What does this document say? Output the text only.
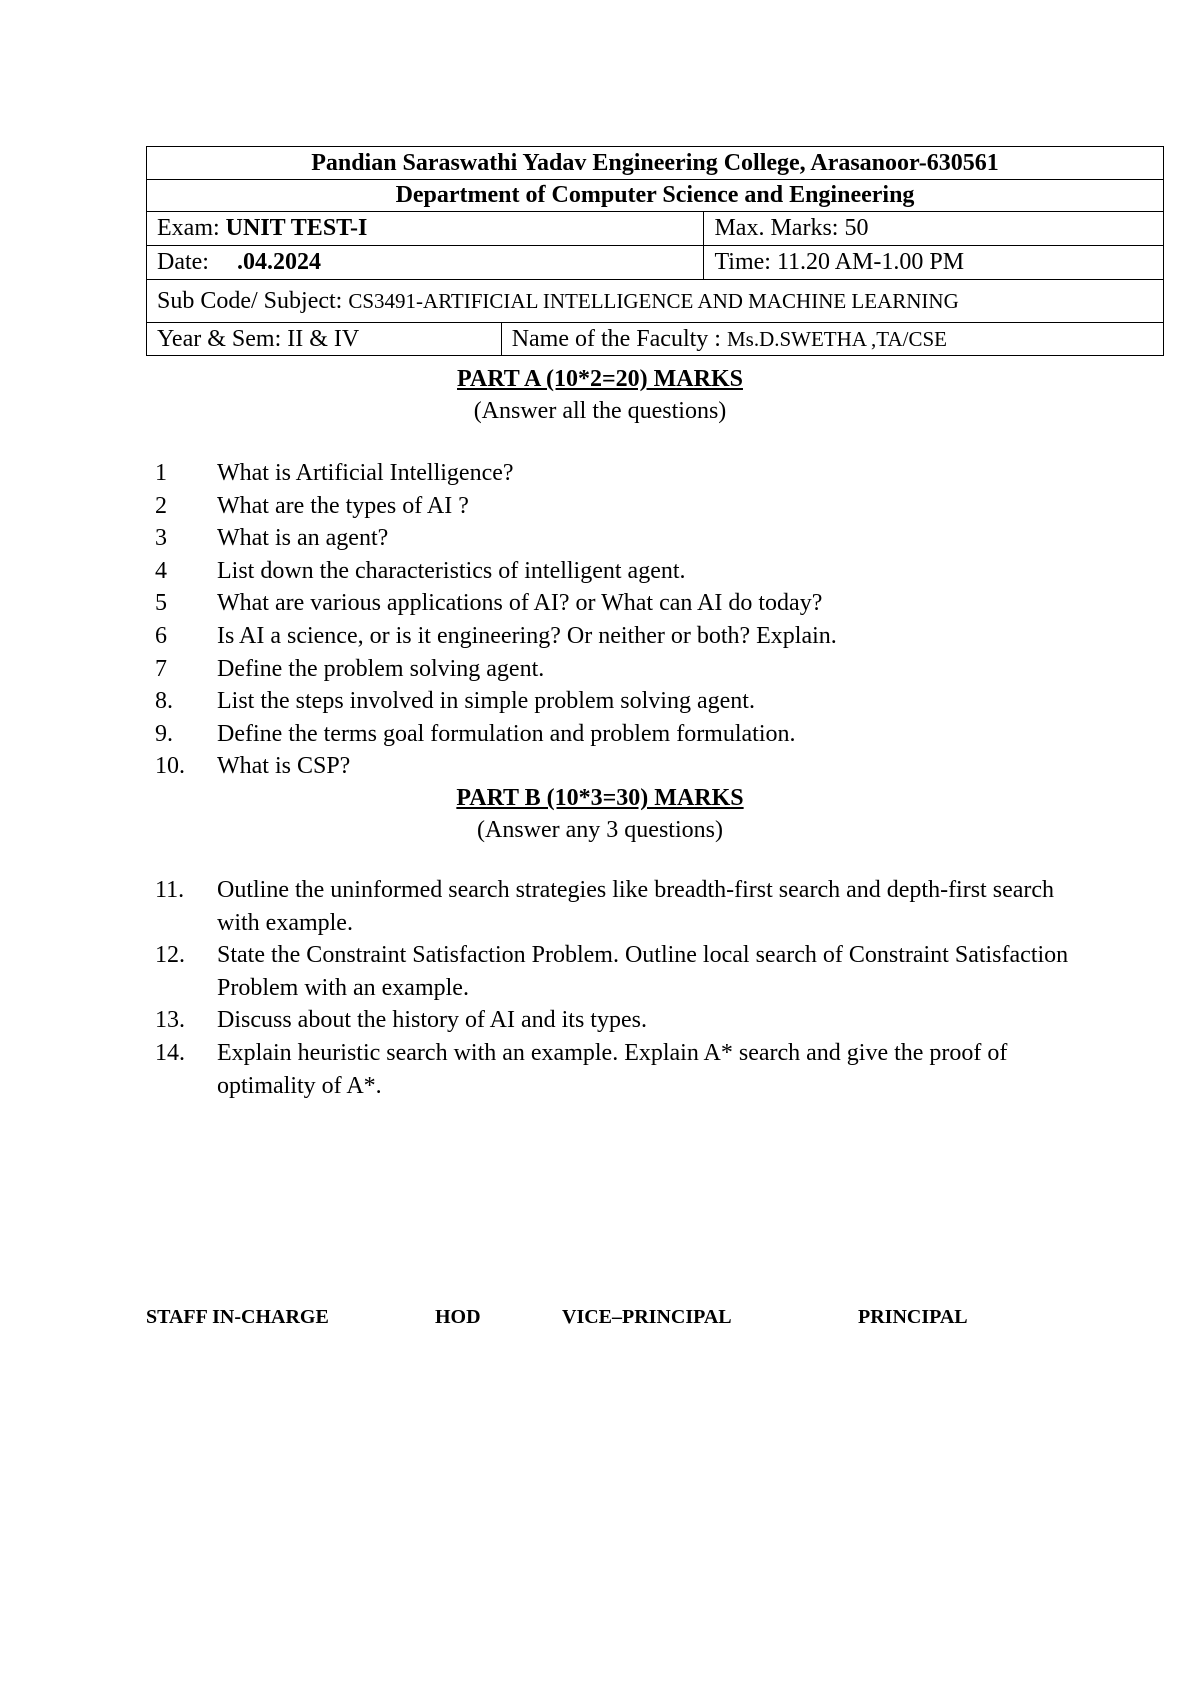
Pandian Saraswathi Yadav Engineering College, Arasanoor-630561		
Department of Computer Science and Engineering		
Exam: UNIT TEST-I		Max. Marks: 50
Date: .04.2024		Time: 11.20 AM-1.00 PM
Sub Code/ Subject: CS3491-ARTIFICIAL INTELLIGENCE AND MACHINE LEARNING		
Year & Sem: II & IV	Name of the Faculty : Ms.D.SWETHA ,TA/CSE	
PART A (10*2=20) MARKS
(Answer all the questions)
1	What is Artificial Intelligence?
2	What are the types of AI ?
3	What is an agent?
4	List down the characteristics of intelligent agent.
5	What are various applications of AI? or What can AI do today?
6	Is AI a science, or is it engineering? Or neither or both? Explain.
7	Define the problem solving agent.
8.	List the steps involved in simple problem solving agent.
9.	Define the terms goal formulation and problem formulation.
10.	What is CSP?
PART B (10*3=30) MARKS
(Answer any 3 questions)
11.	Outline the uninformed search strategies like breadth-first search and depth-first search with example.
12.	State the Constraint Satisfaction Problem. Outline local search of Constraint Satisfaction Problem with an example.
13.	Discuss about the history of AI and its types.
14.	Explain heuristic search with an example. Explain A* search and give the proof of optimality of A*.
STAFF IN-CHARGE	HOD	VICE–PRINCIPAL	PRINCIPAL
